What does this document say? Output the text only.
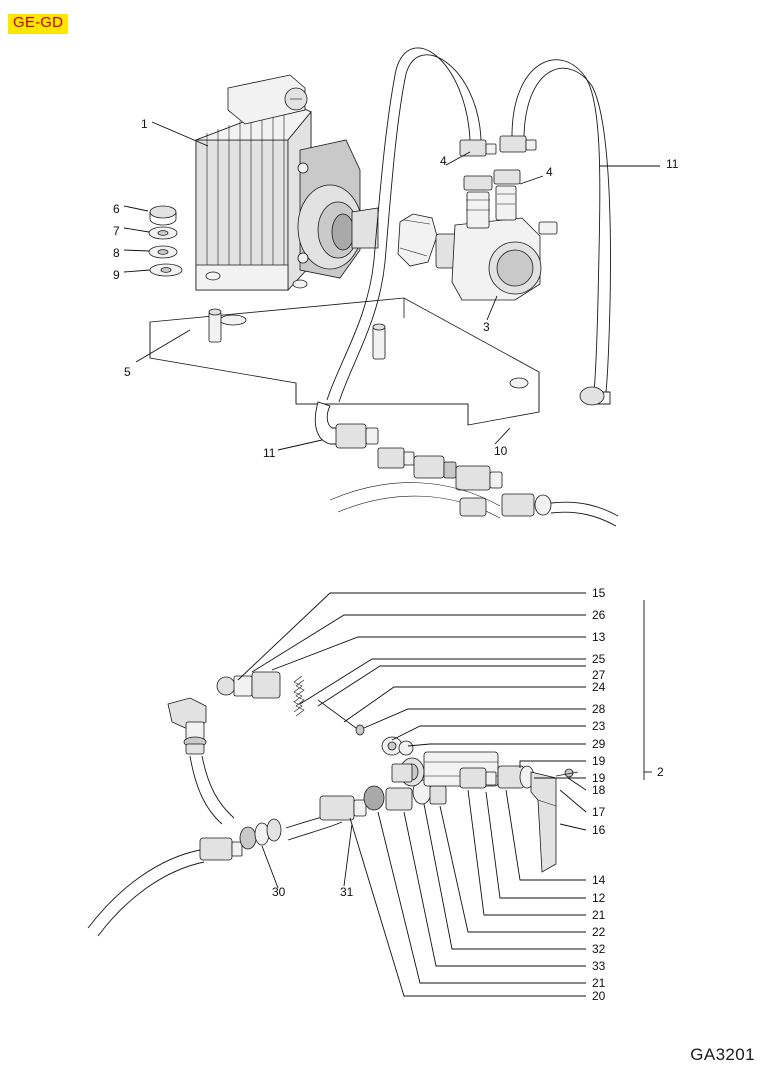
GE-GD
1
6
7
8
9
5
4
4
11
3
10
11
15
26
13
25
27
24
28
23
29
19
19
18
17
16
14
12
21
22
32
33
21
20
2
30	31
GA3201
